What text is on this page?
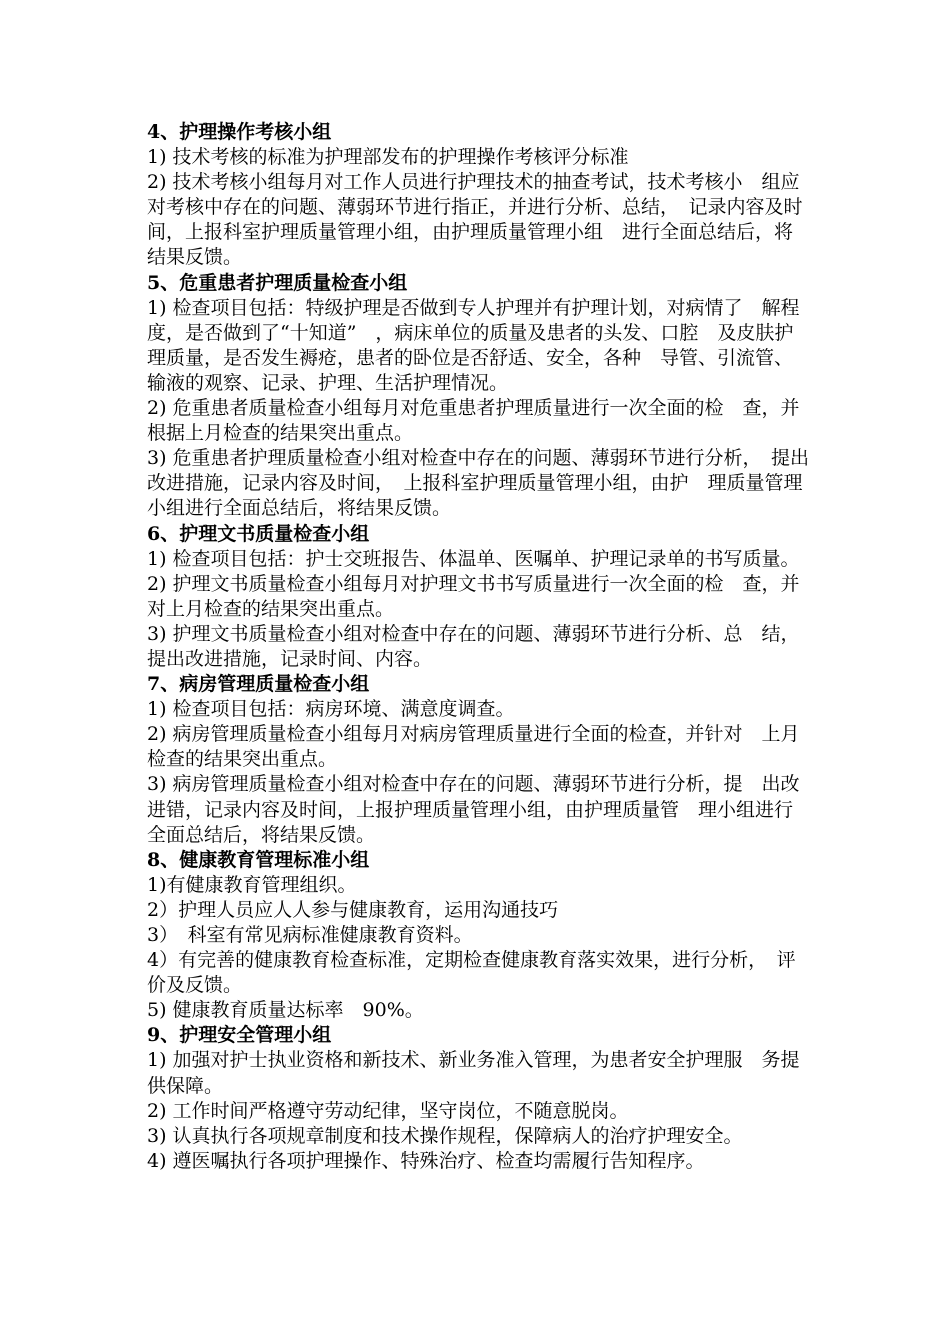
4、护理操作考核小组

1) 技术考核的标准为护理部发布的护理操作考核评分标准

2) 技术考核小组每月对工作人员进行护理技术的抽查考试，技术考核小　组应对考核中存在的问题、薄弱环节进行指正，并进行分析、总结，　记录内容及时间，上报科室护理质量管理小组，由护理质量管理小组　进行全面总结后，将结果反馈。

5、危重患者护理质量检查小组

1) 检查项目包括：特级护理是否做到专人护理并有护理计划，对病情了　解程度，是否做到了“十知道”　，病床单位的质量及患者的头发、口腔　及皮肤护理质量，是否发生褥疮，患者的卧位是否舒适、安全，各种　导管、引流管、输液的观察、记录、护理、生活护理情况。

2) 危重患者质量检查小组每月对危重患者护理质量进行一次全面的检　查，并根据上月检查的结果突出重点。

3) 危重患者护理质量检查小组对检查中存在的问题、薄弱环节进行分析，　提出改进措施，记录内容及时间，　上报科室护理质量管理小组，由护　理质量管理小组进行全面总结后，将结果反馈。

6、护理文书质量检查小组

1) 检查项目包括：护士交班报告、体温单、医嘱单、护理记录单的书写质量。

2) 护理文书质量检查小组每月对护理文书书写质量进行一次全面的检　查，并对上月检查的结果突出重点。

3) 护理文书质量检查小组对检查中存在的问题、薄弱环节进行分析、总　结，提出改进措施，记录时间、内容。

7、病房管理质量检查小组

1) 检查项目包括：病房环境、满意度调查。

2) 病房管理质量检查小组每月对病房管理质量进行全面的检查，并针对　上月检查的结果突出重点。

3) 病房管理质量检查小组对检查中存在的问题、薄弱环节进行分析，提　出改进错，记录内容及时间，上报护理质量管理小组，由护理质量管　理小组进行全面总结后，将结果反馈。

8、健康教育管理标准小组

1)有健康教育管理组织。

2）护理人员应人人参与健康教育，运用沟通技巧

3）　科室有常见病标准健康教育资料。

4）有完善的健康教育检查标准，定期检查健康教育落实效果，进行分析，　评价及反馈。

5) 健康教育质量达标率　90%。

9、护理安全管理小组

1) 加强对护士执业资格和新技术、新业务准入管理，为患者安全护理服　务提供保障。

2) 工作时间严格遵守劳动纪律，坚守岗位，不随意脱岗。

3) 认真执行各项规章制度和技术操作规程，保障病人的治疗护理安全。

4) 遵医嘱执行各项护理操作、特殊治疗、检查均需履行告知程序。
